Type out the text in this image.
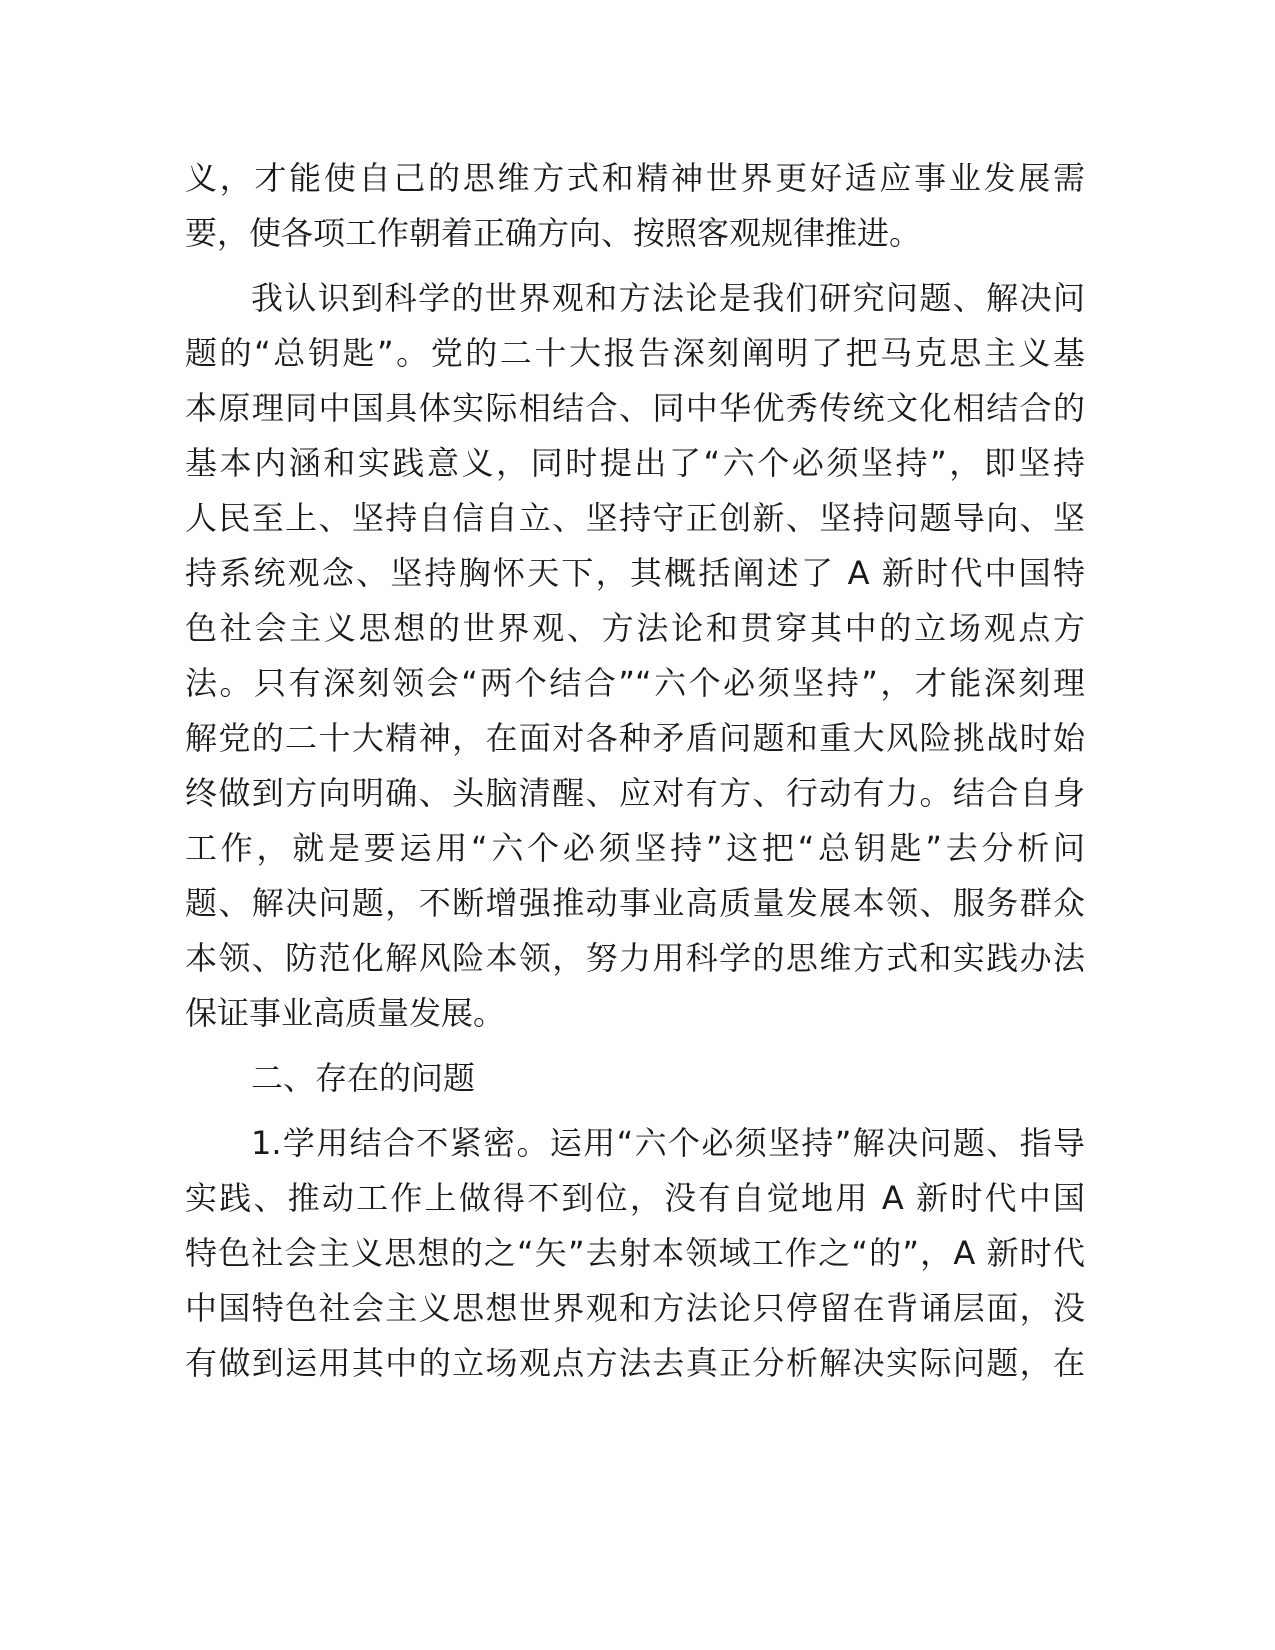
义，才能使自己的思维方式和精神世界更好适应事业发展需
要，使各项工作朝着正确方向、按照客观规律推进。
我认识到科学的世界观和方法论是我们研究问题、解决问
题的“总钥匙”。党的二十大报告深刻阐明了把马克思主义基
本原理同中国具体实际相结合、同中华优秀传统文化相结合的
基本内涵和实践意义，同时提出了“六个必须坚持”，即坚持
人民至上、坚持自信自立、坚持守正创新、坚持问题导向、坚
持系统观念、坚持胸怀天下，其概括阐述了 A 新时代中国特
色社会主义思想的世界观、方法论和贯穿其中的立场观点方
法。只有深刻领会“两个结合”“六个必须坚持”，才能深刻理
解党的二十大精神，在面对各种矛盾问题和重大风险挑战时始
终做到方向明确、头脑清醒、应对有方、行动有力。结合自身
工作，就是要运用“六个必须坚持”这把“总钥匙”去分析问
题、解决问题，不断增强推动事业高质量发展本领、服务群众
本领、防范化解风险本领，努力用科学的思维方式和实践办法
保证事业高质量发展。
二、存在的问题
1.学用结合不紧密。运用“六个必须坚持”解决问题、指导
实践、推动工作上做得不到位，没有自觉地用 A 新时代中国
特色社会主义思想的之“矢”去射本领域工作之“的”，A 新时代
中国特色社会主义思想世界观和方法论只停留在背诵层面，没
有做到运用其中的立场观点方法去真正分析解决实际问题，在
